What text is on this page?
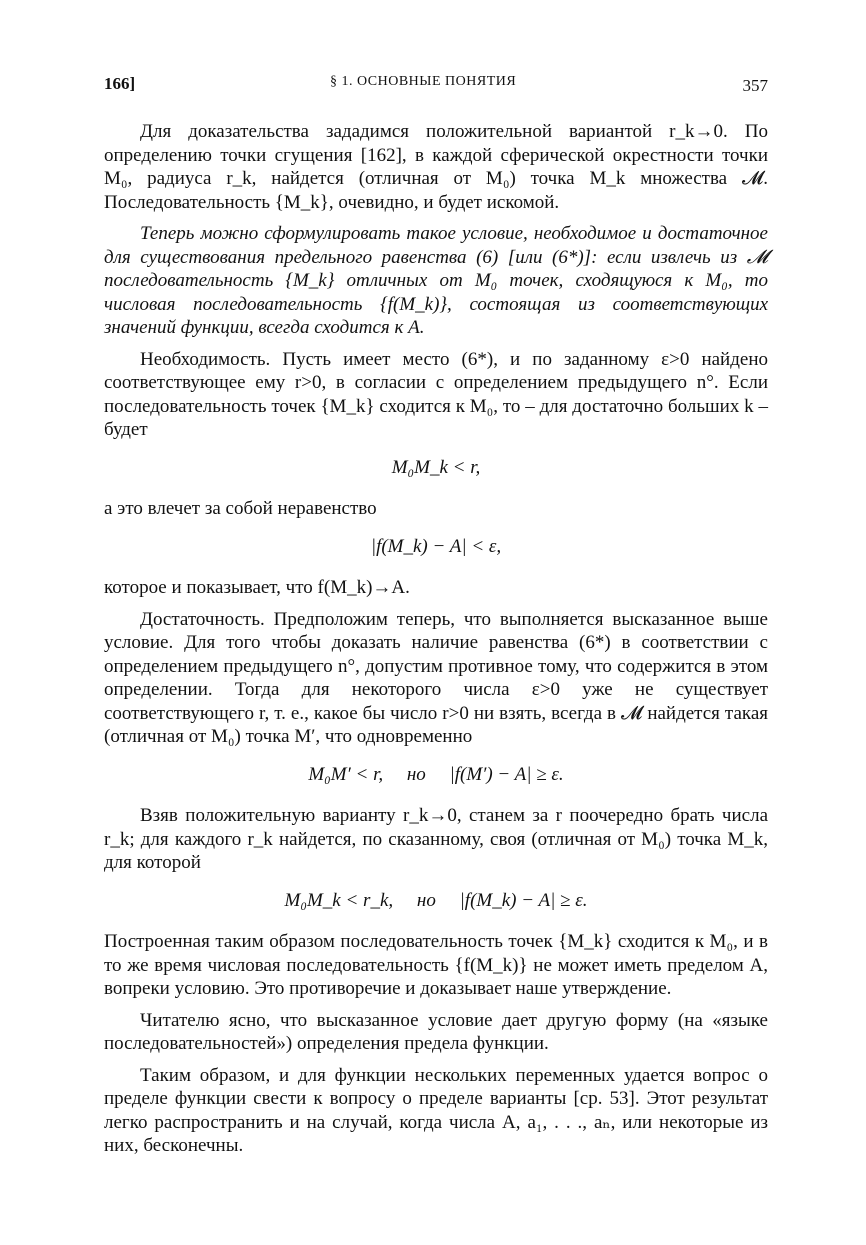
166]	§ 1. ОСНОВНЫЕ ПОНЯТИЯ	357

Для доказательства зададимся положительной вариантой r_k→0. По определению точки сгущения [162], в каждой сферической окрестности точки M₀, радиуса r_k, найдется (отличная от M₀) точка M_k множества 𝓜. Последовательность {M_k}, очевидно, и будет искомой.

Теперь можно сформулировать такое условие, необходимое и достаточное для существования предельного равенства (6) [или (6*)]: если извлечь из 𝓜 последовательность {M_k} отличных от M₀ точек, сходящуюся к M₀, то числовая последовательность {f(M_k)}, состоящая из соответствующих значений функции, всегда сходится к A.

Необходимость. Пусть имеет место (6*), и по заданному ε>0 найдено соответствующее ему r>0, в согласии с определением предыдущего n°. Если последовательность точек {M_k} сходится к M₀, то – для достаточно больших k – будет

M₀M_k < r,

а это влечет за собой неравенство

|f(M_k) − A| < ε,

которое и показывает, что f(M_k)→A.

Достаточность. Предположим теперь, что выполняется высказанное выше условие. Для того чтобы доказать наличие равенства (6*) в соответствии с определением предыдущего n°, допустим противное тому, что содержится в этом определении. Тогда для некоторого числа ε>0 уже не существует соответствующего r, т. е., какое бы число r>0 ни взять, всегда в 𝓜 найдется такая (отличная от M₀) точка M′, что одновременно

M₀M′ < r,     но     |f(M′) − A| ≥ ε.

Взяв положительную варианту r_k→0, станем за r поочередно брать числа r_k; для каждого r_k найдется, по сказанному, своя (отличная от M₀) точка M_k, для которой

M₀M_k < r_k,     но     |f(M_k) − A| ≥ ε.

Построенная таким образом последовательность точек {M_k} сходится к M₀, и в то же время числовая последовательность {f(M_k)} не может иметь пределом A, вопреки условию. Это противоречие и доказывает наше утверждение.

Читателю ясно, что высказанное условие дает другую форму (на «языке последовательностей») определения предела функции.

Таким образом, и для функции нескольких переменных удается вопрос о пределе функции свести к вопросу о пределе варианты [ср. 53]. Этот результат легко распространить и на случай, когда числа A, a₁, . . ., aₙ, или некоторые из них, бесконечны.
